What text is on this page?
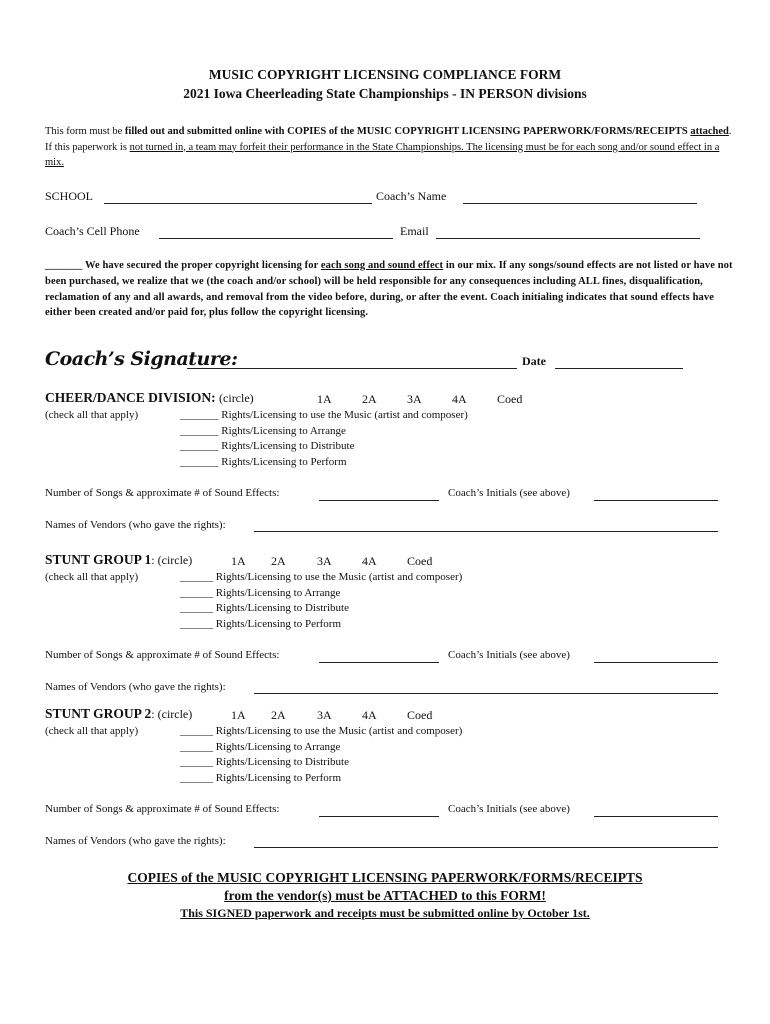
MUSIC COPYRIGHT LICENSING COMPLIANCE FORM
2021 Iowa Cheerleading State Championships - IN PERSON divisions
This form must be filled out and submitted online with COPIES of the MUSIC COPYRIGHT LICENSING PAPERWORK/FORMS/RECEIPTS attached. If this paperwork is not turned in, a team may forfeit their performance in the State Championships. The licensing must be for each song and/or sound effect in a mix.
SCHOOL	Coach’s Name
Coach’s Cell Phone	Email
_______ We have secured the proper copyright licensing for each song and sound effect in our mix. If any songs/sound effects are not listed or have not been purchased, we realize that we (the coach and/or school) will be held responsible for any consequences including ALL fines, disqualification, reclamation of any and all awards, and removal from the video before, during, or after the event. Coach initialing indicates that sound effects have either been created and/or paid for, plus follow the copyright licensing.
Coach’s Signature:	Date
CHEER/DANCE DIVISION: (circle)	1A	2A	3A	4A	Coed
(check all that apply)	_______ Rights/Licensing to use the Music (artist and composer)
_______ Rights/Licensing to Arrange
_______ Rights/Licensing to Distribute
_______ Rights/Licensing to Perform
Number of Songs & approximate # of Sound Effects:	Coach’s Initials (see above)
Names of Vendors (who gave the rights):
STUNT GROUP 1: (circle)	1A 2A	3A	4A	Coed
(check all that apply)	______ Rights/Licensing to use the Music (artist and composer)
______ Rights/Licensing to Arrange
______ Rights/Licensing to Distribute
______ Rights/Licensing to Perform
Number of Songs & approximate # of Sound Effects:	Coach’s Initials (see above)
Names of Vendors (who gave the rights):
STUNT GROUP 2: (circle)	1A 2A	3A	4A	Coed
(check all that apply)	______ Rights/Licensing to use the Music (artist and composer)
______ Rights/Licensing to Arrange
______ Rights/Licensing to Distribute
______ Rights/Licensing to Perform
Number of Songs & approximate # of Sound Effects:	Coach’s Initials (see above)
Names of Vendors (who gave the rights):
COPIES of the MUSIC COPYRIGHT LICENSING PAPERWORK/FORMS/RECEIPTS
from the vendor(s) must be ATTACHED to this FORM!
This SIGNED paperwork and receipts must be submitted online by October 1st.
